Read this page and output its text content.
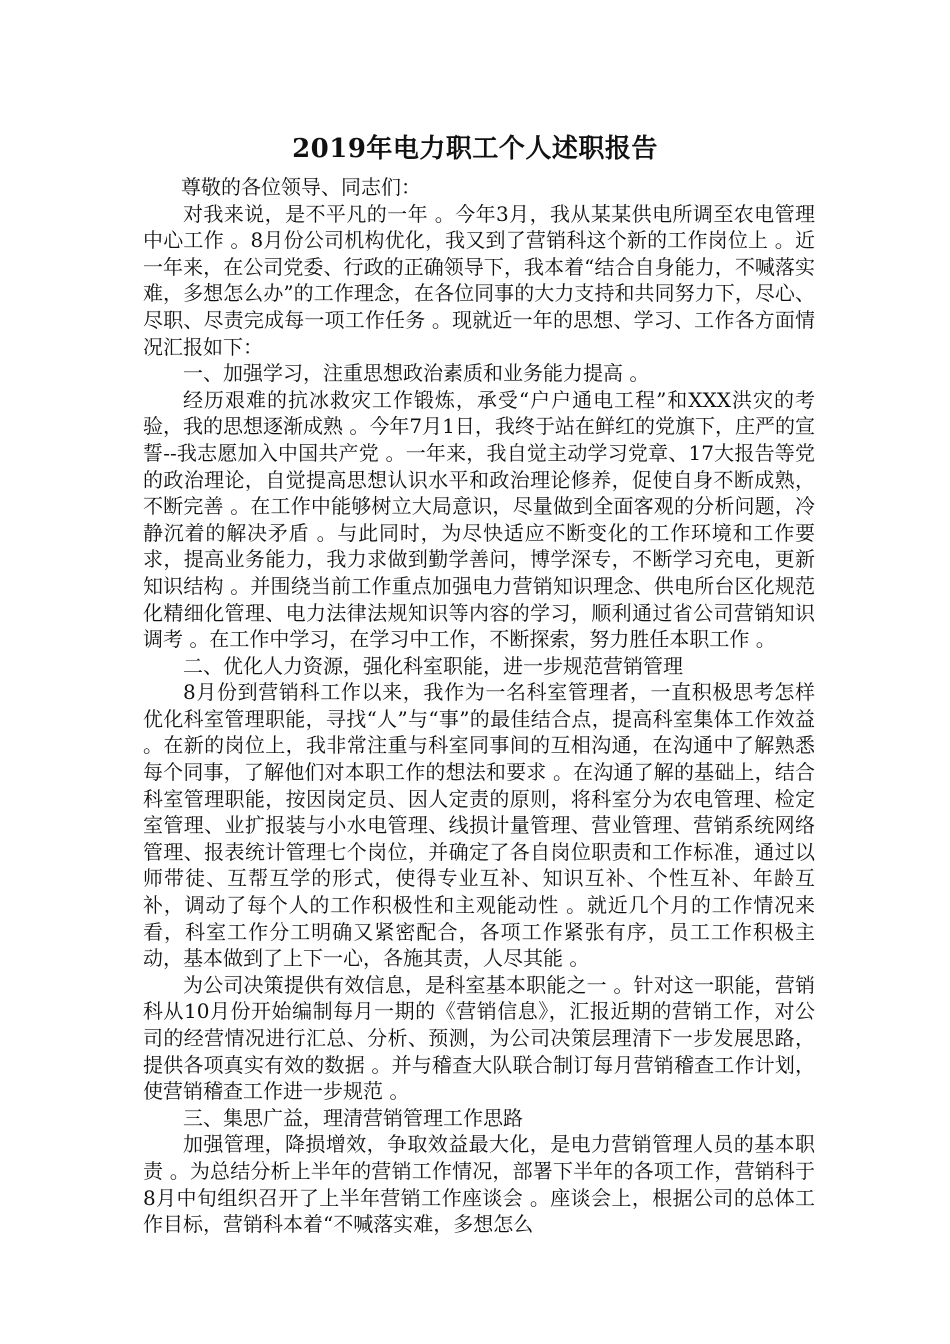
2019年电力职工个人述职报告

尊敬的各位领导、同志们：

对我来说，是不平凡的一年 。今年3月，我从某某供电所调至农电管理中心工作 。8月份公司机构优化，我又到了营销科这个新的工作岗位上 。近一年来，在公司党委、行政的正确领导下，我本着“结合自身能力，不喊落实难，多想怎么办”的工作理念，在各位同事的大力支持和共同努力下，尽心、尽职、尽责完成每一项工作任务 。现就近一年的思想、学习、工作各方面情况汇报如下：

一、加强学习，注重思想政治素质和业务能力提高 。

经历艰难的抗冰救灾工作锻炼，承受“户户通电工程”和XXX洪灾的考验，我的思想逐渐成熟 。今年7月1日，我终于站在鲜红的党旗下，庄严的宣誓--我志愿加入中国共产党 。一年来，我自觉主动学习党章、17大报告等党的政治理论，自觉提高思想认识水平和政治理论修养，促使自身不断成熟，不断完善 。在工作中能够树立大局意识，尽量做到全面客观的分析问题，冷静沉着的解决矛盾 。与此同时，为尽快适应不断变化的工作环境和工作要求，提高业务能力，我力求做到勤学善问，博学深专，不断学习充电，更新知识结构 。并围绕当前工作重点加强电力营销知识理念、供电所台区化规范化精细化管理、电力法律法规知识等内容的学习，顺利通过省公司营销知识调考 。在工作中学习，在学习中工作，不断探索，努力胜任本职工作 。

二、优化人力资源，强化科室职能，进一步规范营销管理

8月份到营销科工作以来，我作为一名科室管理者，一直积极思考怎样优化科室管理职能，寻找“人”与“事”的最佳结合点，提高科室集体工作效益 。在新的岗位上，我非常注重与科室同事间的互相沟通，在沟通中了解熟悉每个同事，了解他们对本职工作的想法和要求 。在沟通了解的基础上，结合科室管理职能，按因岗定员、因人定责的原则，将科室分为农电管理、检定室管理、业扩报装与小水电管理、线损计量管理、营业管理、营销系统网络管理、报表统计管理七个岗位，并确定了各自岗位职责和工作标准，通过以师带徒、互帮互学的形式，使得专业互补、知识互补、个性互补、年龄互补，调动了每个人的工作积极性和主观能动性 。就近几个月的工作情况来看，科室工作分工明确又紧密配合，各项工作紧张有序，员工工作积极主动，基本做到了上下一心，各施其责，人尽其能 。

为公司决策提供有效信息，是科室基本职能之一 。针对这一职能，营销科从10月份开始编制每月一期的《营销信息》，汇报近期的营销工作，对公司的经营情况进行汇总、分析、预测，为公司决策层理清下一步发展思路，提供各项真实有效的数据 。并与稽查大队联合制订每月营销稽查工作计划，使营销稽查工作进一步规范 。

三、集思广益，理清营销管理工作思路

加强管理，降损增效，争取效益最大化，是电力营销管理人员的基本职责 。为总结分析上半年的营销工作情况，部署下半年的各项工作，营销科于8月中旬组织召开了上半年营销工作座谈会 。座谈会上，根据公司的总体工作目标，营销科本着“不喊落实难，多想怎么
